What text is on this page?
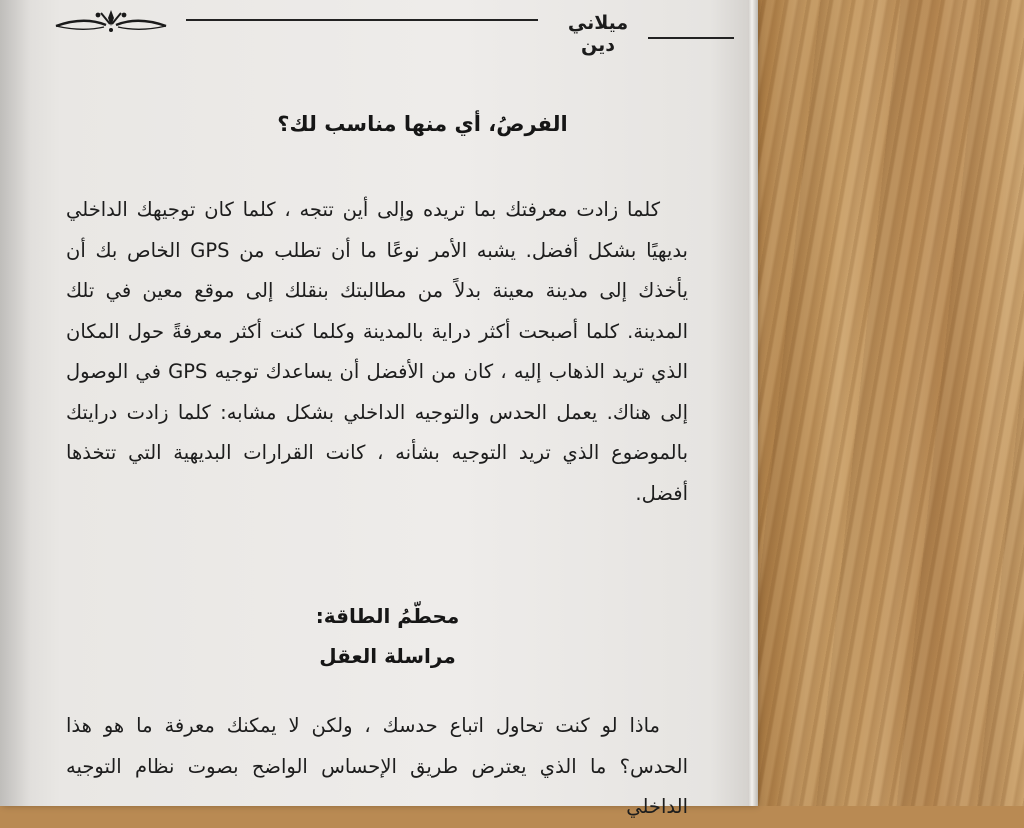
ميلاني دين
الفرصُ، أي منها مناسب لك؟

كلما زادت معرفتك بما تريده وإلى أين تتجه ، كلما كان توجيهك الداخلي بديهيًا بشكل أفضل. يشبه الأمر نوعًا ما أن تطلب من GPS الخاص بك أن يأخذك إلى مدينة معينة بدلاً من مطالبتك بنقلك إلى موقع معين في تلك المدينة. كلما أصبحت أكثر دراية بالمدينة وكلما كنت أكثر معرفةً حول المكان الذي تريد الذهاب إليه ، كان من الأفضل أن يساعدك توجيه GPS في الوصول إلى هناك. يعمل الحدس والتوجيه الداخلي بشكل مشابه: كلما زادت درايتك بالموضوع الذي تريد التوجيه بشأنه ، كانت القرارات البديهية التي تتخذها أفضل.

محطّمُ الطاقة:
مراسلة العقل

ماذا لو كنت تحاول اتباع حدسك ، ولكن لا يمكنك معرفة ما هو هذا الحدس؟ ما الذي يعترض طريق الإحساس الواضح بصوت نظام التوجيه الداخلي
